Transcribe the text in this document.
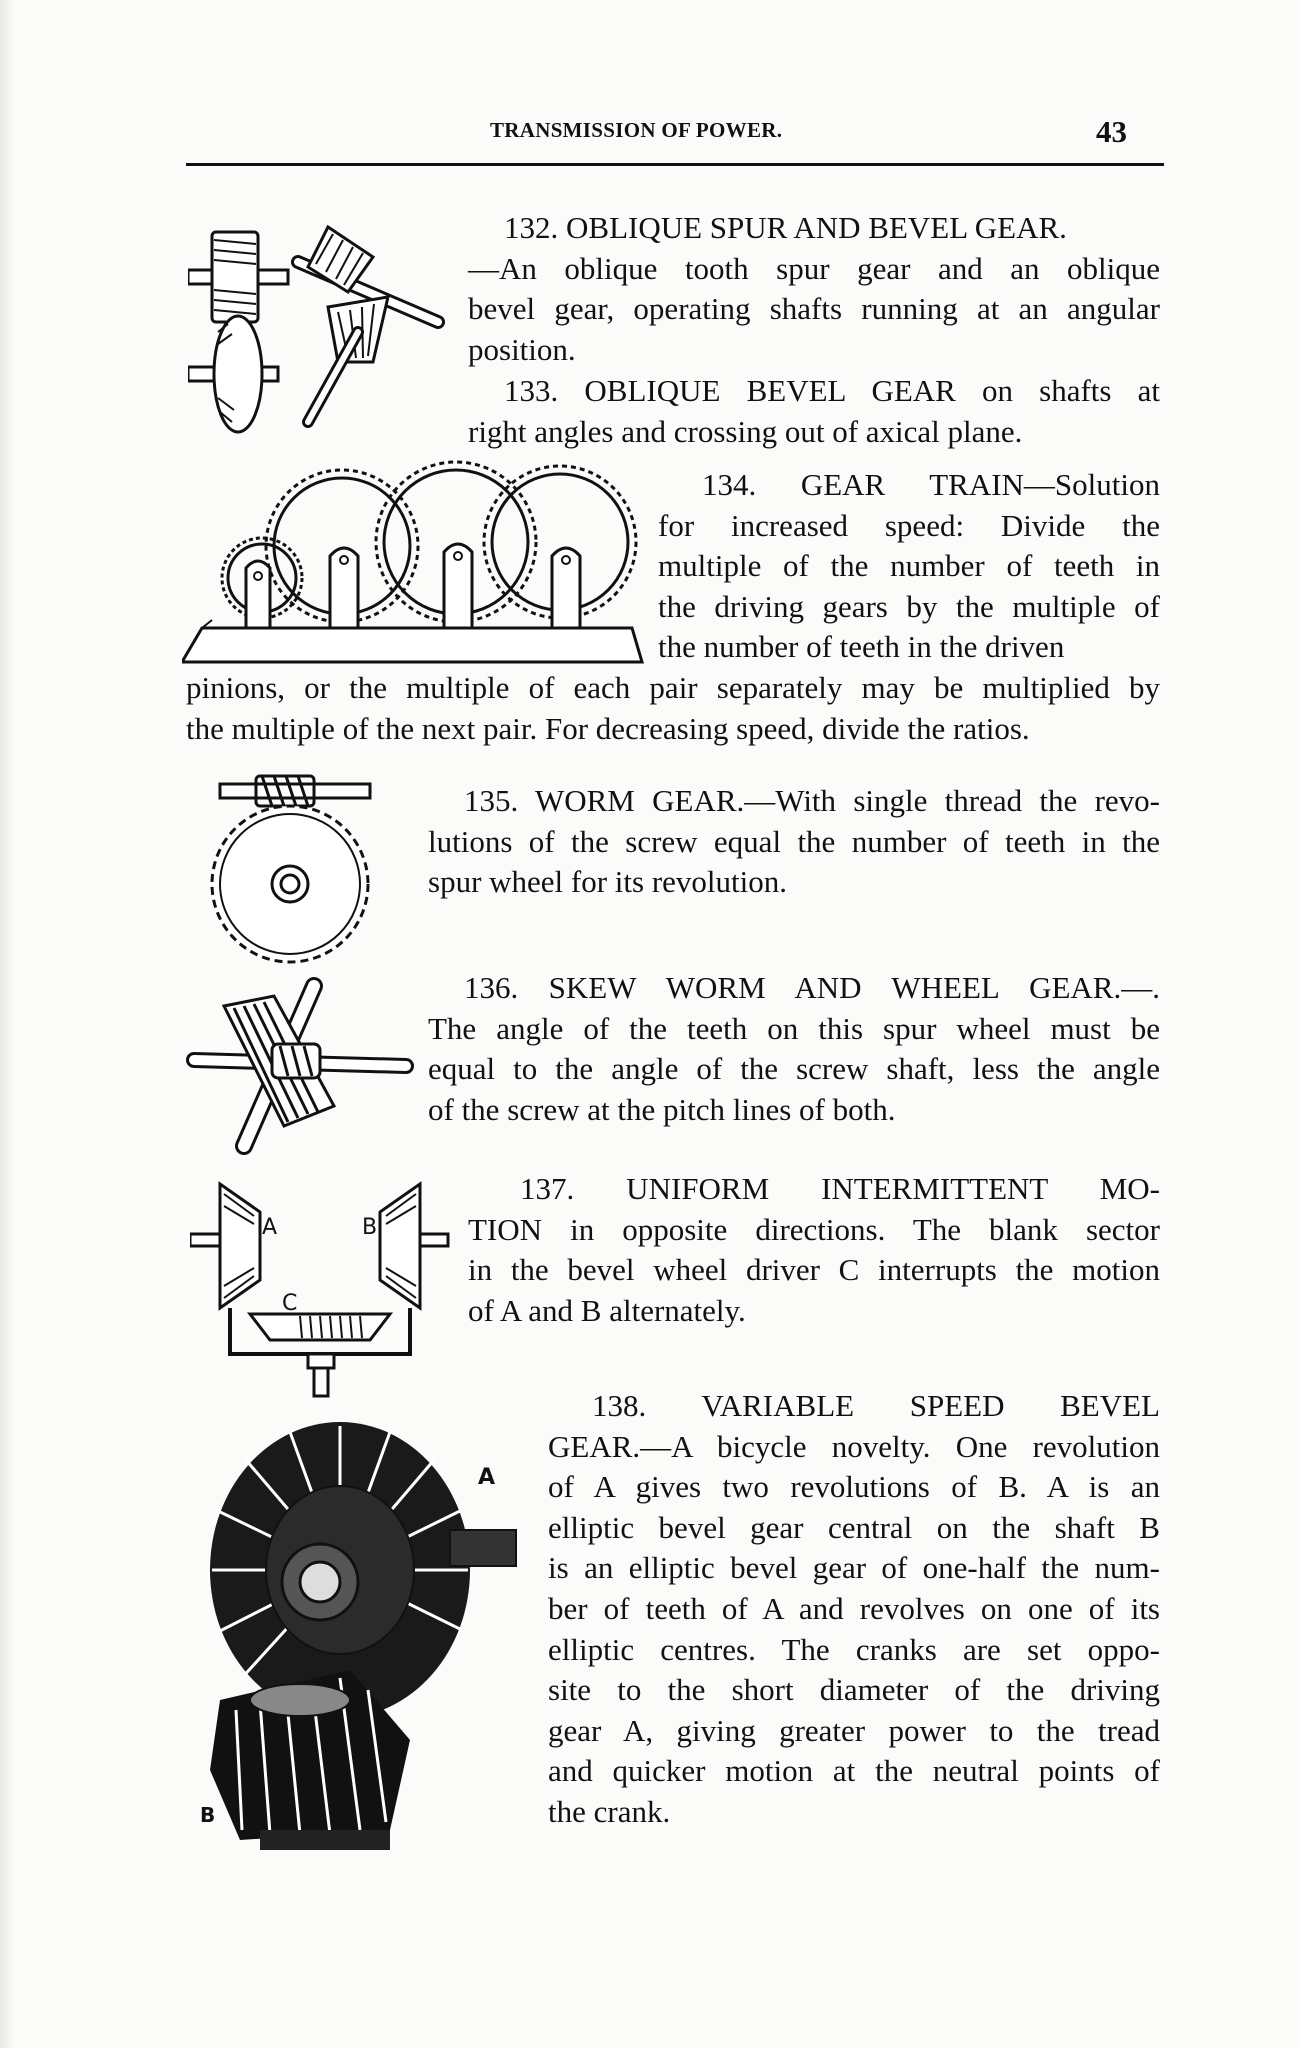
TRANSMISSION OF POWER.	43

132. OBLIQUE SPUR AND BEVEL GEAR.
—An oblique tooth spur gear and an oblique
bevel gear, operating shafts running at an angular
position.

133. OBLIQUE BEVEL GEAR on shafts at
right angles and crossing out of axical plane.

134. GEAR TRAIN—Solution
for increased speed: Divide the
multiple of the number of teeth in
the driving gears by the multiple of
the number of teeth in the driven

pinions, or the multiple of each pair separately may be multiplied by
the multiple of the next pair. For decreasing speed, divide the ratios.

135. WORM GEAR.—With single thread the revo-
lutions of the screw equal the number of teeth in the
spur wheel for its revolution.

136. SKEW WORM AND WHEEL GEAR.—.
The angle of the teeth on this spur wheel must be
equal to the angle of the screw shaft, less the angle
of the screw at the pitch lines of both.

A	B
C

137. UNIFORM INTERMITTENT MO-
TION in opposite directions. The blank sector
in the bevel wheel driver C interrupts the motion
of A and B alternately.

A
B

138. VARIABLE SPEED BEVEL
GEAR.—A bicycle novelty. One revolution
of A gives two revolutions of B. A is an
elliptic bevel gear central on the shaft B
is an elliptic bevel gear of one-half the num-
ber of teeth of A and revolves on one of its
elliptic centres. The cranks are set oppo-
site to the short diameter of the driving
gear A, giving greater power to the tread
and quicker motion at the neutral points of
the crank.
